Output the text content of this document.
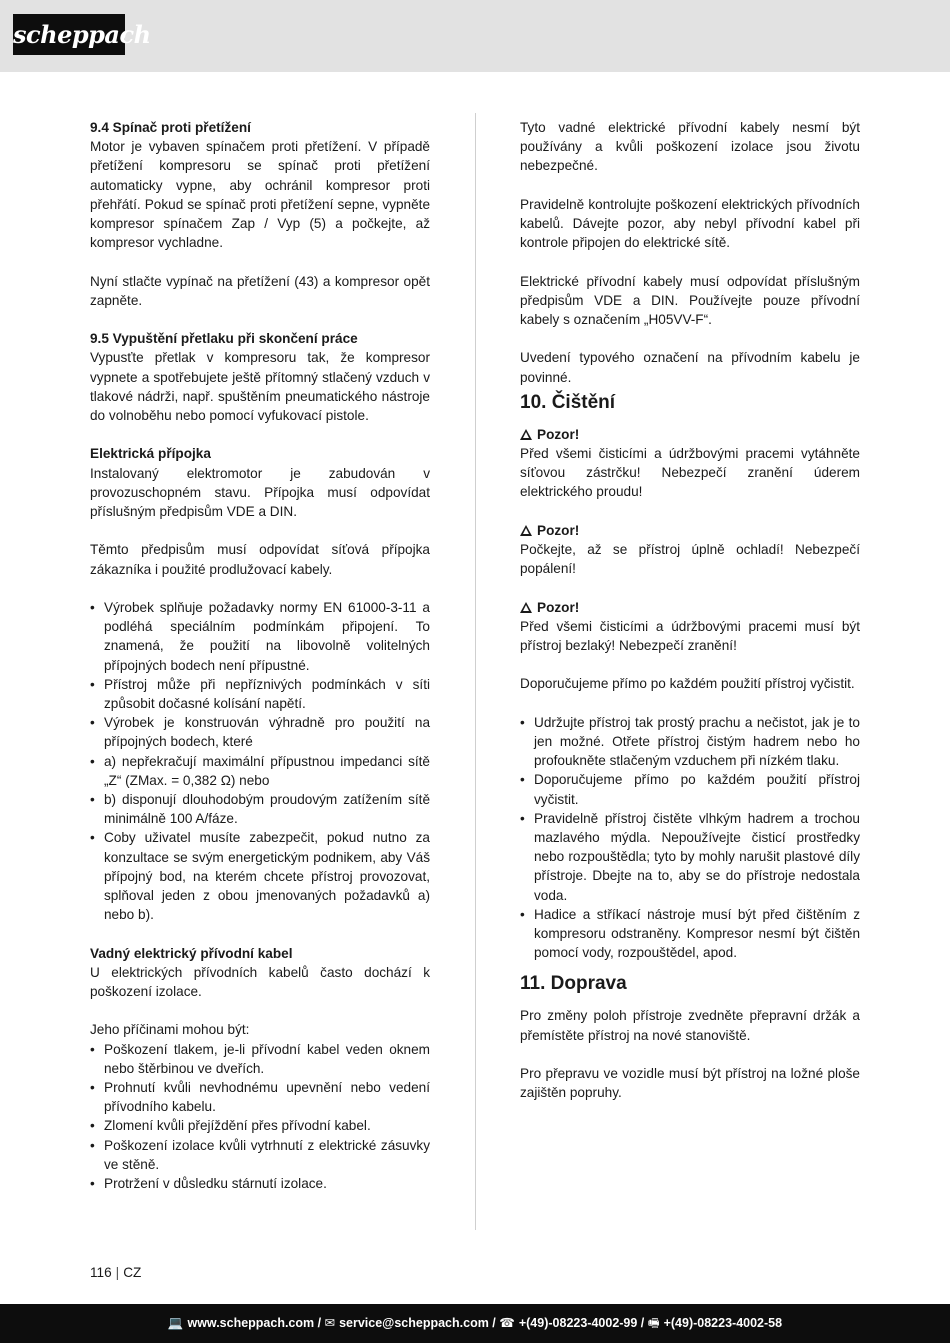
scheppach

9.4 Spínač proti přetížení

Motor je vybaven spínačem proti přetížení. V případě přetížení kompresoru se spínač proti přetížení automaticky vypne, aby ochránil kompresor proti přehřátí. Pokud se spínač proti přetížení sepne, vypněte kompresor spínačem Zap / Vyp (5) a počkejte, až kompresor vychladne.

Nyní stlačte vypínač na přetížení (43) a kompresor opět zapněte.

9.5 Vypuštění přetlaku při skončení práce

Vypusťte přetlak v kompresoru tak, že kompresor vypnete a spotřebujete ještě přítomný stlačený vzduch v tlakové nádrži, např. spuštěním pneumatického nástroje do volnoběhu nebo pomocí vyfukovací pistole.

Elektrická přípojka

Instalovaný elektromotor je zabudován v provozuschopném stavu. Přípojka musí odpovídat příslušným předpisům VDE a DIN.

Těmto předpisům musí odpovídat síťová přípojka zákazníka i použité prodlužovací kabely.

• Výrobek splňuje požadavky normy EN 61000-3-11 a podléhá speciálním podmínkám připojení. To znamená, že použití na libovolně volitelných přípojných bodech není přípustné.
• Přístroj může při nepříznivých podmínkách v síti způsobit dočasné kolísání napětí.
• Výrobek je konstruován výhradně pro použití na přípojných bodech, které
• a) nepřekračují maximální přípustnou impedanci sítě „Z“ (ZMax. = 0,382 Ω) nebo
• b) disponují dlouhodobým proudovým zatížením sítě minimálně 100 A/fáze.
• Coby uživatel musíte zabezpečit, pokud nutno za konzultace se svým energetickým podnikem, aby Váš přípojný bod, na kterém chcete přístroj provozovat, splňoval jeden z obou jmenovaných požadavků a) nebo b).

Vadný elektrický přívodní kabel

U elektrických přívodních kabelů často dochází k poškození izolace.

Jeho příčinami mohou být:

• Poškození tlakem, je-li přívodní kabel veden oknem nebo štěrbinou ve dveřích.
• Prohnutí kvůli nevhodnému upevnění nebo vedení přívodního kabelu.
• Zlomení kvůli přejíždění přes přívodní kabel.
• Poškození izolace kvůli vytrhnutí z elektrické zásuvky ve stěně.
• Protržení v důsledku stárnutí izolace.

Tyto vadné elektrické přívodní kabely nesmí být používány a kvůli poškození izolace jsou životu nebezpečné.

Pravidelně kontrolujte poškození elektrických přívodních kabelů. Dávejte pozor, aby nebyl přívodní kabel při kontrole připojen do elektrické sítě.

Elektrické přívodní kabely musí odpovídat příslušným předpisům VDE a DIN. Používejte pouze přívodní kabely s označením „H05VV-F“.

Uvedení typového označení na přívodním kabelu je povinné.

10. Čištění

Pozor!

Před všemi čisticími a údržbovými pracemi vytáhněte síťovou zástrčku! Nebezpečí zranění úderem elektrického proudu!

Pozor!

Počkejte, až se přístroj úplně ochladí! Nebezpečí popálení!

Pozor!

Před všemi čisticími a údržbovými pracemi musí být přístroj bezlaký! Nebezpečí zranění!

Doporučujeme přímo po každém použití přístroj vyčistit.

• Udržujte přístroj tak prostý prachu a nečistot, jak je to jen možné. Otřete přístroj čistým hadrem nebo ho profoukněte stlačeným vzduchem při nízkém tlaku.
• Doporučujeme přímo po každém použití přístroj vyčistit.
• Pravidelně přístroj čistěte vlhkým hadrem a trochou mazlavého mýdla. Nepoužívejte čisticí prostředky nebo rozpouštědla; tyto by mohly narušit plastové díly přístroje. Dbejte na to, aby se do přístroje nedostala voda.
• Hadice a stříkací nástroje musí být před čištěním z kompresoru odstraněny. Kompresor nesmí být čištěn pomocí vody, rozpouštědel, apod.
11. Doprava

Pro změny poloh přístroje zvedněte přepravní držák a přemístěte přístroj na nové stanoviště.

Pro přepravu ve vozidle musí být přístroj na ložné ploše zajištěn popruhy.

116 | CZ
💻 www.scheppach.com / ✉ service@scheppach.com / ☎ +(49)-08223-4002-99 / 🖷 +(49)-08223-4002-58
